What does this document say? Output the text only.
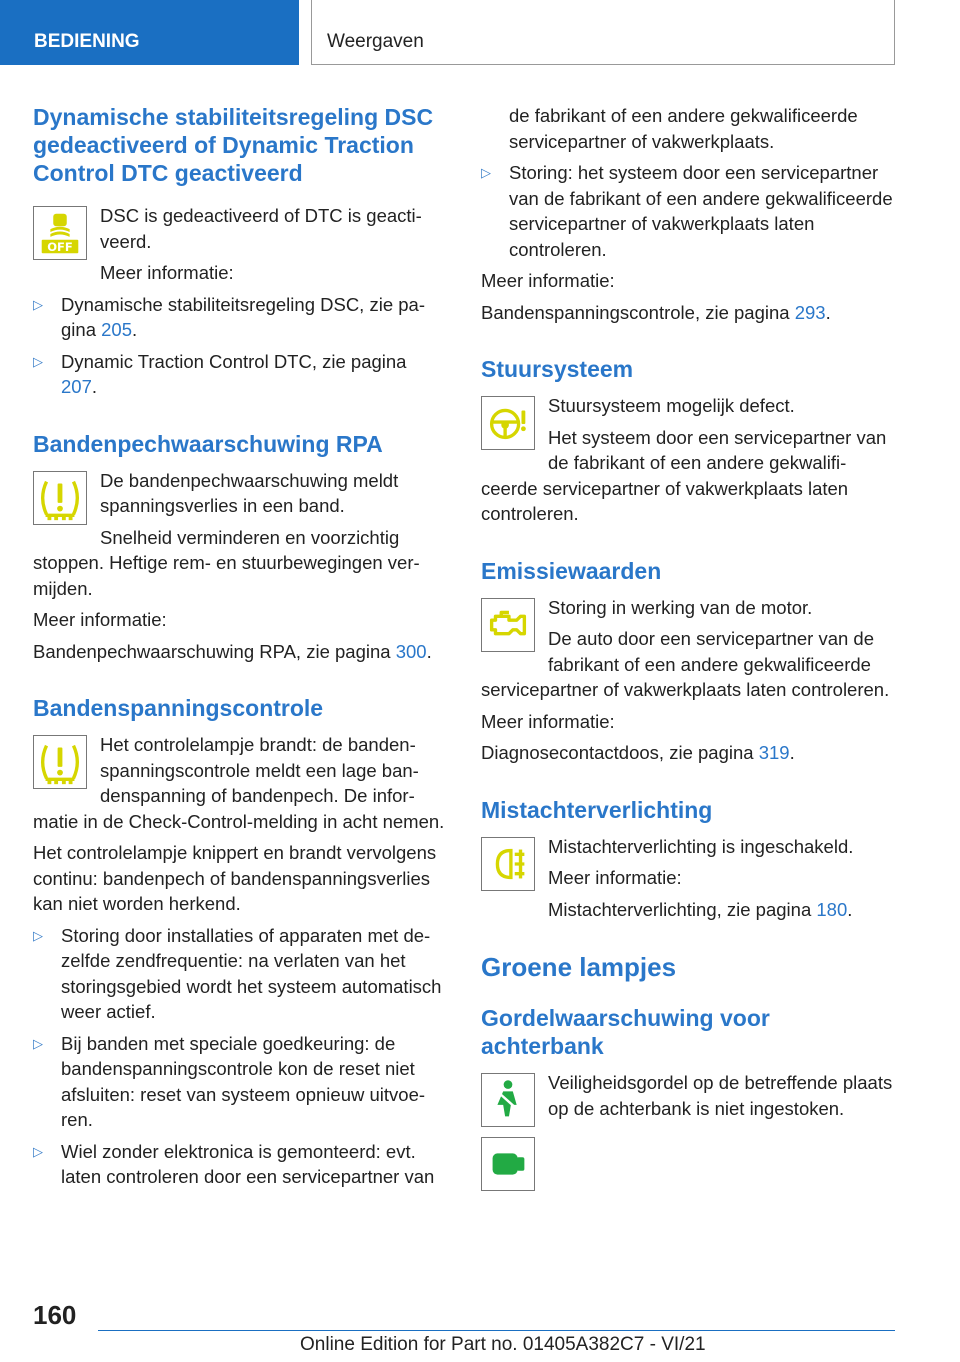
BEDIENING	Weergaven
Dynamische stabiliteitsregeling DSC gedeactiveerd of Dynamic Traction Control DTC geactiveerd
OFF

DSC is gedeactiveerd of DTC is geactiveerd.

Meer informatie:

▷ Dynamische stabiliteitsregeling DSC, zie pagina 205.

▷ Dynamic Traction Control DTC, zie pagina 207.

Bandenpechwaarschuwing RPA

De bandenpechwaarschuwing meldt spanningsverlies in een band.

Snelheid verminderen en voorzichtig stoppen. Heftige rem- en stuurbewegingen vermijden.

Meer informatie:

Bandenpechwaarschuwing RPA, zie pagina 300.

Bandenspanningscontrole

Het controlelampje brandt: de bandenspanningscontrole meldt een lage bandenspanning of bandenpech. De informatie in de Check-Control-melding in acht nemen.

Het controlelampje knippert en brandt vervolgens continu: bandenpech of bandenspanningsverlies kan niet worden herkend.

▷ Storing door installaties of apparaten met dezelfde zendfrequentie: na verlaten van het storingsgebied wordt het systeem automatisch weer actief.

▷ Bij banden met speciale goedkeuring: de bandenspanningscontrole kon de reset niet afsluiten: reset van systeem opnieuw uitvoeren.

▷ Wiel zonder elektronica is gemonteerd: evt. laten controleren door een servicepartner van

de fabrikant of een andere gekwalificeerde servicepartner of vakwerkplaats.

▷ Storing: het systeem door een servicepartner van de fabrikant of een andere gekwalificeerde servicepartner of vakwerkplaats laten controleren.

Meer informatie:

Bandenspanningscontrole, zie pagina 293.

Stuursysteem

Stuursysteem mogelijk defect.

Het systeem door een servicepartner van de fabrikant of een andere gekwalificeerde servicepartner of vakwerkplaats laten controleren.

Emissiewaarden

Storing in werking van de motor.

De auto door een servicepartner van de fabrikant of een andere gekwalificeerde servicepartner of vakwerkplaats laten controleren.

Meer informatie:

Diagnosecontactdoos, zie pagina 319.

Mistachterverlichting

Mistachterverlichting is ingeschakeld.

Meer informatie:

Mistachterverlichting, zie pagina 180.

Groene lampjes
Gordelwaarschuwing voor achterbank

Veiligheidsgordel op de betreffende plaats op de achterbank is niet ingestoken.

160
Online Edition for Part no. 01405A382C7 - VI/21
